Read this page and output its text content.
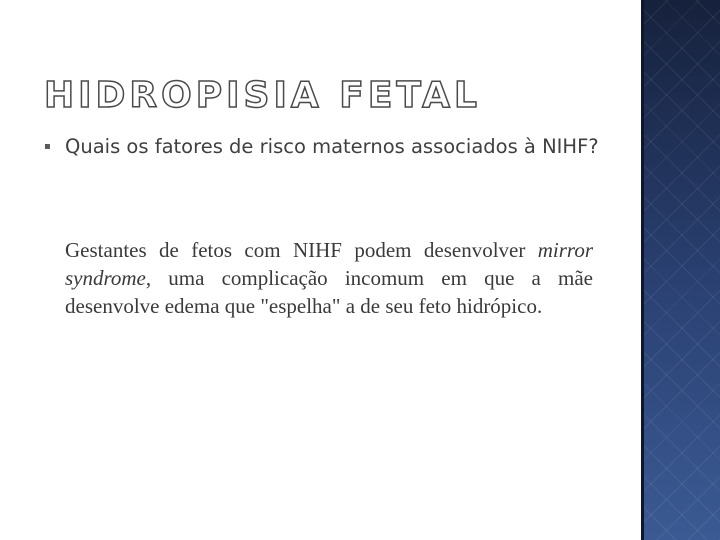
HIDROPISIA FETAL
▪ Quais os fatores de risco maternos associados à NIHF?

Gestantes de fetos com NIHF podem desenvolver mirror syndrome, uma complicação incomum em que a mãe desenvolve edema que "espelha" a de seu feto hidrópico.
